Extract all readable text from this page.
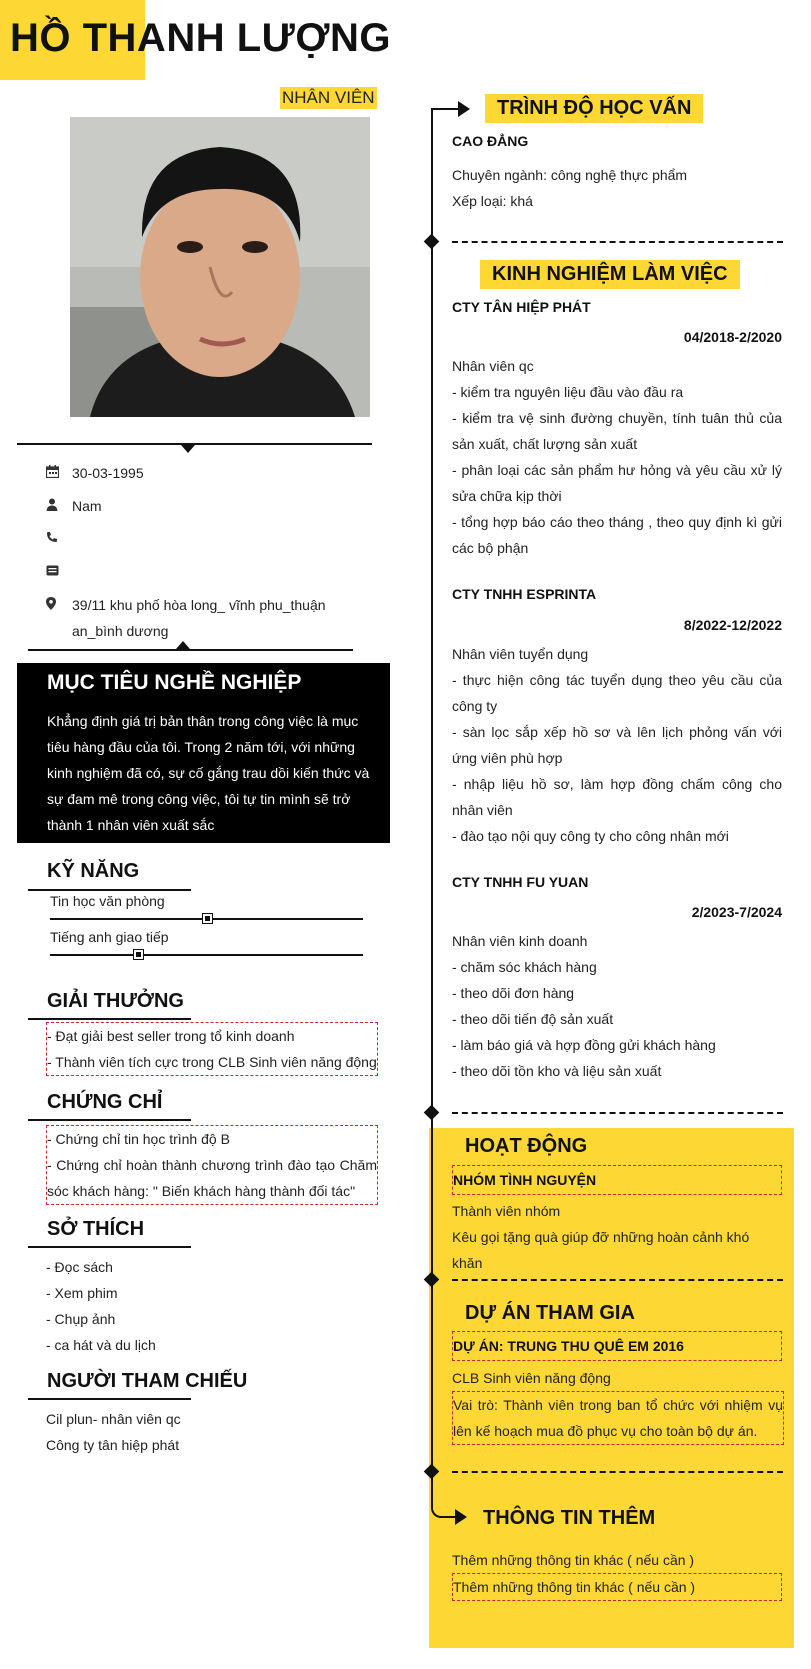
HỒ THANH LƯỢNG
NHÂN VIÊN
30-03-1995
Nam
39/11 khu phố hòa long_ vĩnh phu_thuận an_bình dương
MỤC TIÊU NGHỀ NGHIỆP
Khẳng định giá trị bản thân trong công việc là mục tiêu hàng đầu của tôi. Trong 2 năm tới, với những kinh nghiệm đã có, sự cố gắng trau dồi kiến thức và sự đam mê trong công việc, tôi tự tin mình sẽ trở thành 1 nhân viên xuất sắc
KỸ NĂNG
Tin học văn phòng
Tiếng anh giao tiếp
GIẢI THƯỞNG
- Đạt giải best seller trong tổ kinh doanh
- Thành viên tích cực trong CLB Sinh viên năng động
CHỨNG CHỈ
- Chứng chỉ tin học trình độ B
- Chứng chỉ hoàn thành chương trình đào tạo Chăm sóc khách hàng: " Biến khách hàng thành đối tác"
SỞ THÍCH
- Đọc sách
- Xem phim
- Chụp ảnh
- ca hát và du lịch
NGƯỜI THAM CHIẾU
Cil plun- nhân viên qc
Công ty tân hiệp phát
TRÌNH ĐỘ HỌC VẤN
CAO ĐẲNG
Chuyên ngành: công nghệ thực phẩm
Xếp loại: khá
KINH NGHIỆM LÀM VIỆC
CTY TÂN HIỆP PHÁT
04/2018-2/2020
Nhân viên qc
- kiểm tra nguyên liệu đầu vào đầu ra
- kiểm tra vệ sinh đường chuyền, tính tuân thủ của sản xuất, chất lượng sản xuất
- phân loại các sản phẩm hư hỏng và yêu cầu xử lý sửa chữa kịp thời
- tổng hợp báo cáo theo tháng , theo quy định kì gửi các bộ phận
CTY TNHH ESPRINTA
8/2022-12/2022
Nhân viên tuyển dụng
- thực hiện công tác tuyển dụng theo yêu cầu của công ty
- sàn lọc sắp xếp hồ sơ và lên lịch phỏng vấn với ứng viên phù hợp
- nhập liệu hồ sơ, làm hợp đồng chấm công cho nhân viên
- đào tạo nội quy công ty cho công nhân mới
CTY TNHH FU YUAN
2/2023-7/2024
Nhân viên kinh doanh
- chăm sóc khách hàng
- theo dõi đơn hàng
- theo dõi tiến độ sản xuất
- làm báo giá và hợp đồng gửi khách hàng
- theo dõi tồn kho và liệu sản xuất
HOẠT ĐỘNG
NHÓM TÌNH NGUYỆN
Thành viên nhóm
Kêu gọi tặng quà giúp đỡ những hoàn cảnh khó khăn
DỰ ÁN THAM GIA
DỰ ÁN: TRUNG THU QUÊ EM 2016
CLB Sinh viên năng động
Vai trò: Thành viên trong ban tổ chức với nhiệm vụ lên kế hoạch mua đồ phục vụ cho toàn bộ dự án.
THÔNG TIN THÊM
Thêm những thông tin khác ( nếu cần )
Thêm những thông tin khác ( nếu cần )
